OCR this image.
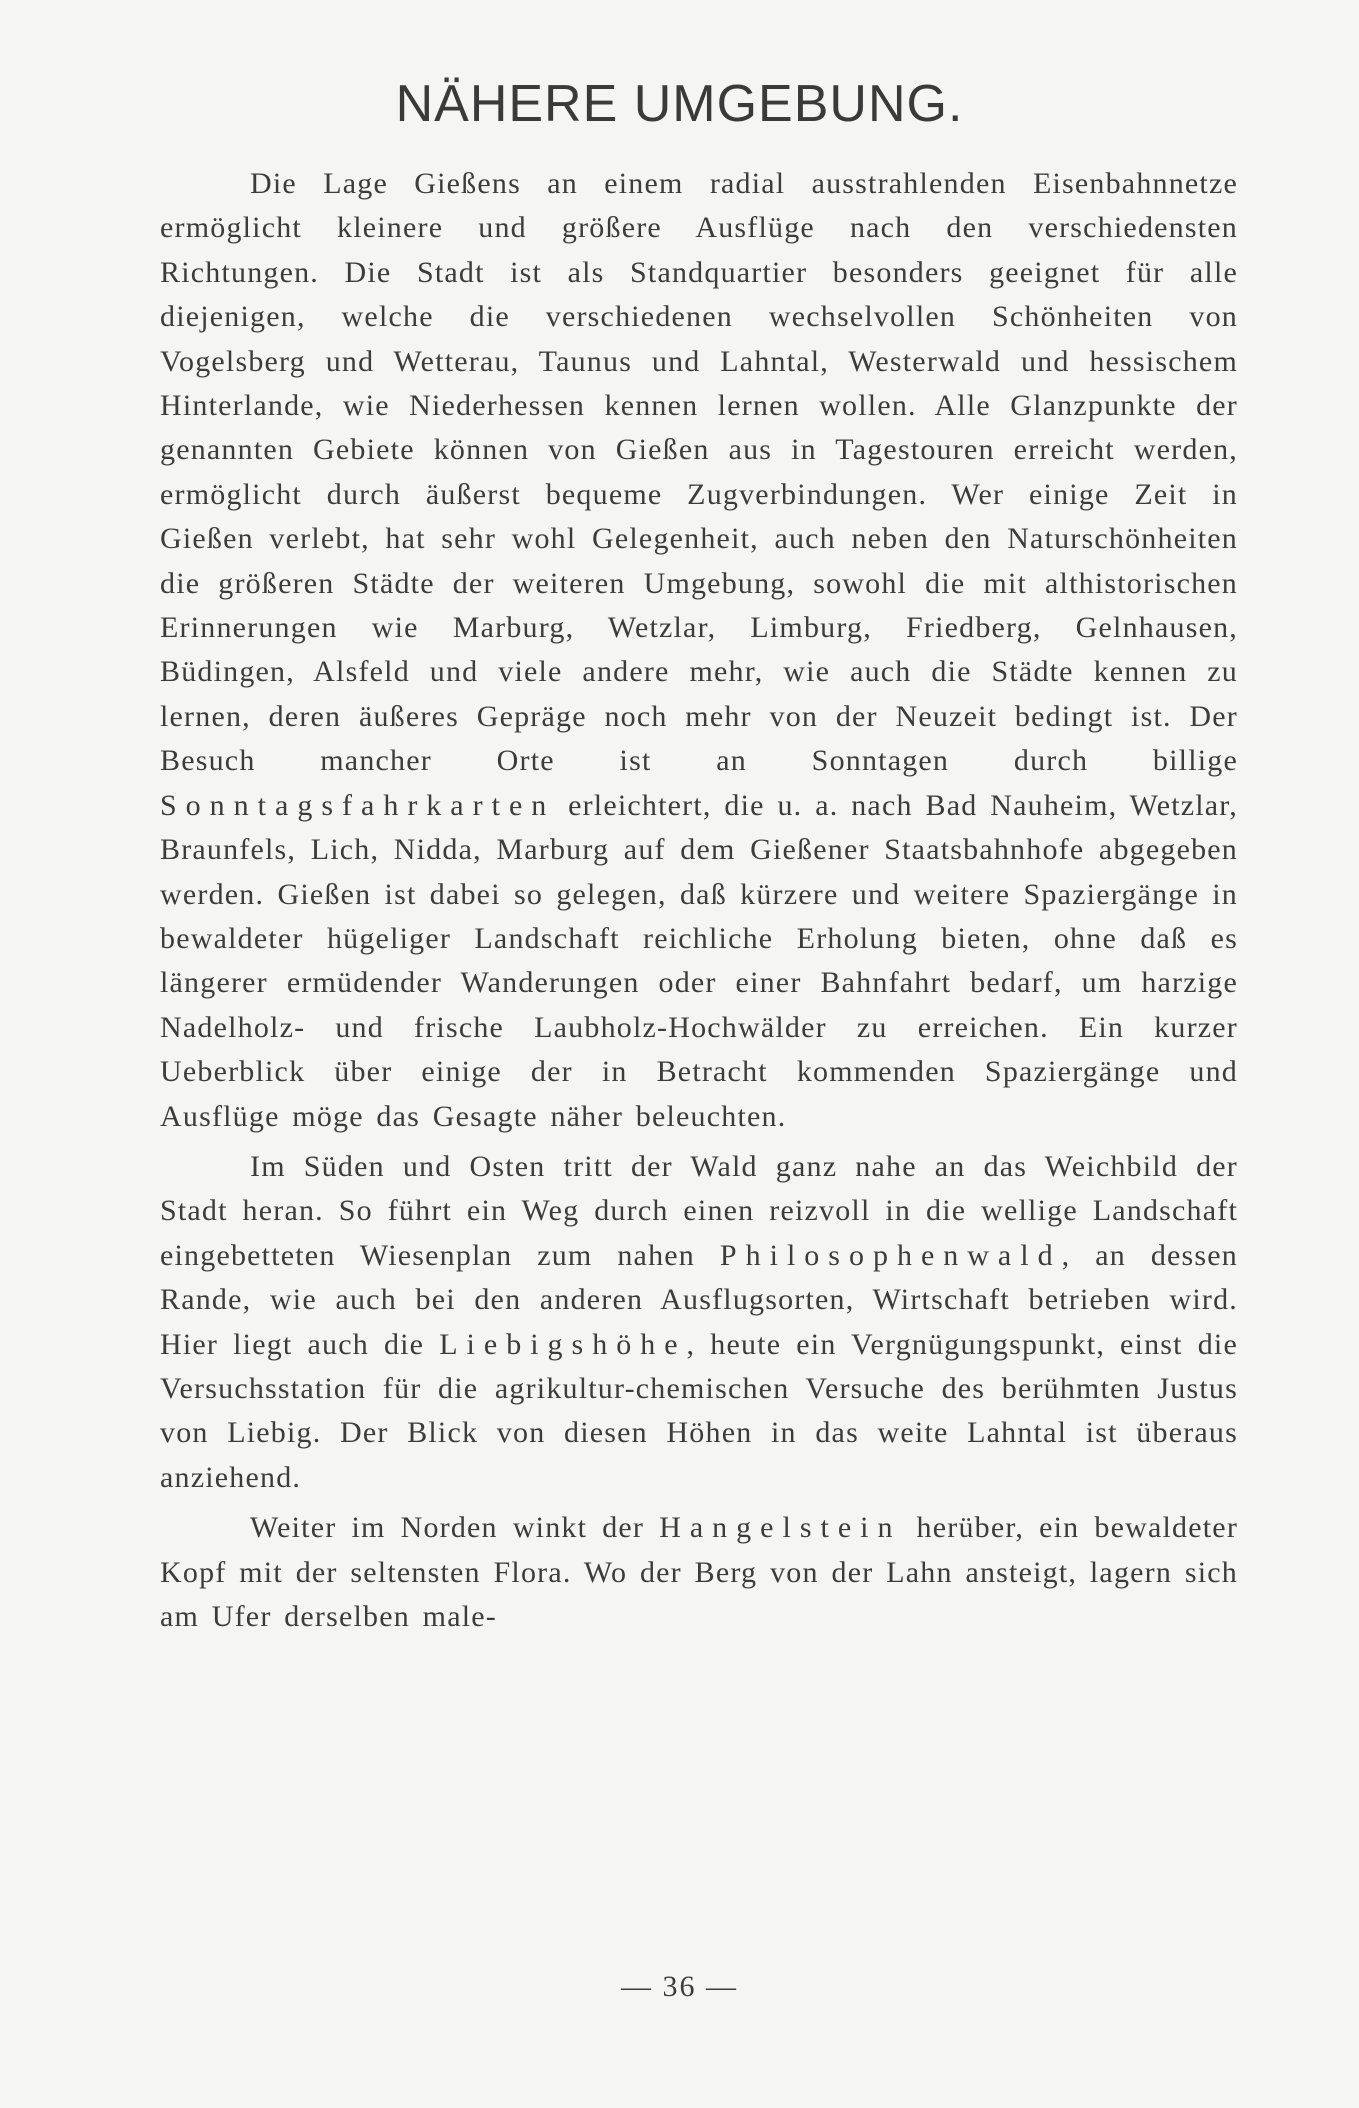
NÄHERE UMGEBUNG.

Die Lage Gießens an einem radial ausstrahlenden Eisenbahnnetze ermöglicht kleinere und größere Ausflüge nach den verschiedensten Richtungen. Die Stadt ist als Standquartier besonders geeignet für alle diejenigen, welche die verschiedenen wechselvollen Schönheiten von Vogelsberg und Wetterau, Taunus und Lahntal, Westerwald und hessischem Hinterlande, wie Niederhessen kennen lernen wollen. Alle Glanzpunkte der genannten Gebiete können von Gießen aus in Tagestouren erreicht werden, ermöglicht durch äußerst bequeme Zugverbindungen. Wer einige Zeit in Gießen verlebt, hat sehr wohl Gelegenheit, auch neben den Naturschönheiten die größeren Städte der weiteren Umgebung, sowohl die mit althistorischen Erinnerungen wie Marburg, Wetzlar, Limburg, Friedberg, Gelnhausen, Büdingen, Alsfeld und viele andere mehr, wie auch die Städte kennen zu lernen, deren äußeres Gepräge noch mehr von der Neuzeit bedingt ist. Der Besuch mancher Orte ist an Sonntagen durch billige Sonntagsfahrkarten erleichtert, die u. a. nach Bad Nauheim, Wetzlar, Braunfels, Lich, Nidda, Marburg auf dem Gießener Staatsbahnhofe abgegeben werden. Gießen ist dabei so gelegen, daß kürzere und weitere Spaziergänge in bewaldeter hügeliger Landschaft reichliche Erholung bieten, ohne daß es längerer ermüdender Wanderungen oder einer Bahnfahrt bedarf, um harzige Nadelholz- und frische Laubholz-Hochwälder zu erreichen. Ein kurzer Ueberblick über einige der in Betracht kommenden Spaziergänge und Ausflüge möge das Gesagte näher beleuchten.

Im Süden und Osten tritt der Wald ganz nahe an das Weichbild der Stadt heran. So führt ein Weg durch einen reizvoll in die wellige Landschaft eingebetteten Wiesenplan zum nahen Philosophenwald, an dessen Rande, wie auch bei den anderen Ausflugsorten, Wirtschaft betrieben wird. Hier liegt auch die Liebigshöhe, heute ein Vergnügungspunkt, einst die Versuchsstation für die agrikultur-chemischen Versuche des berühmten Justus von Liebig. Der Blick von diesen Höhen in das weite Lahntal ist überaus anziehend.

Weiter im Norden winkt der Hangelstein herüber, ein bewaldeter Kopf mit der seltensten Flora. Wo der Berg von der Lahn ansteigt, lagern sich am Ufer derselben male-

— 36 —
